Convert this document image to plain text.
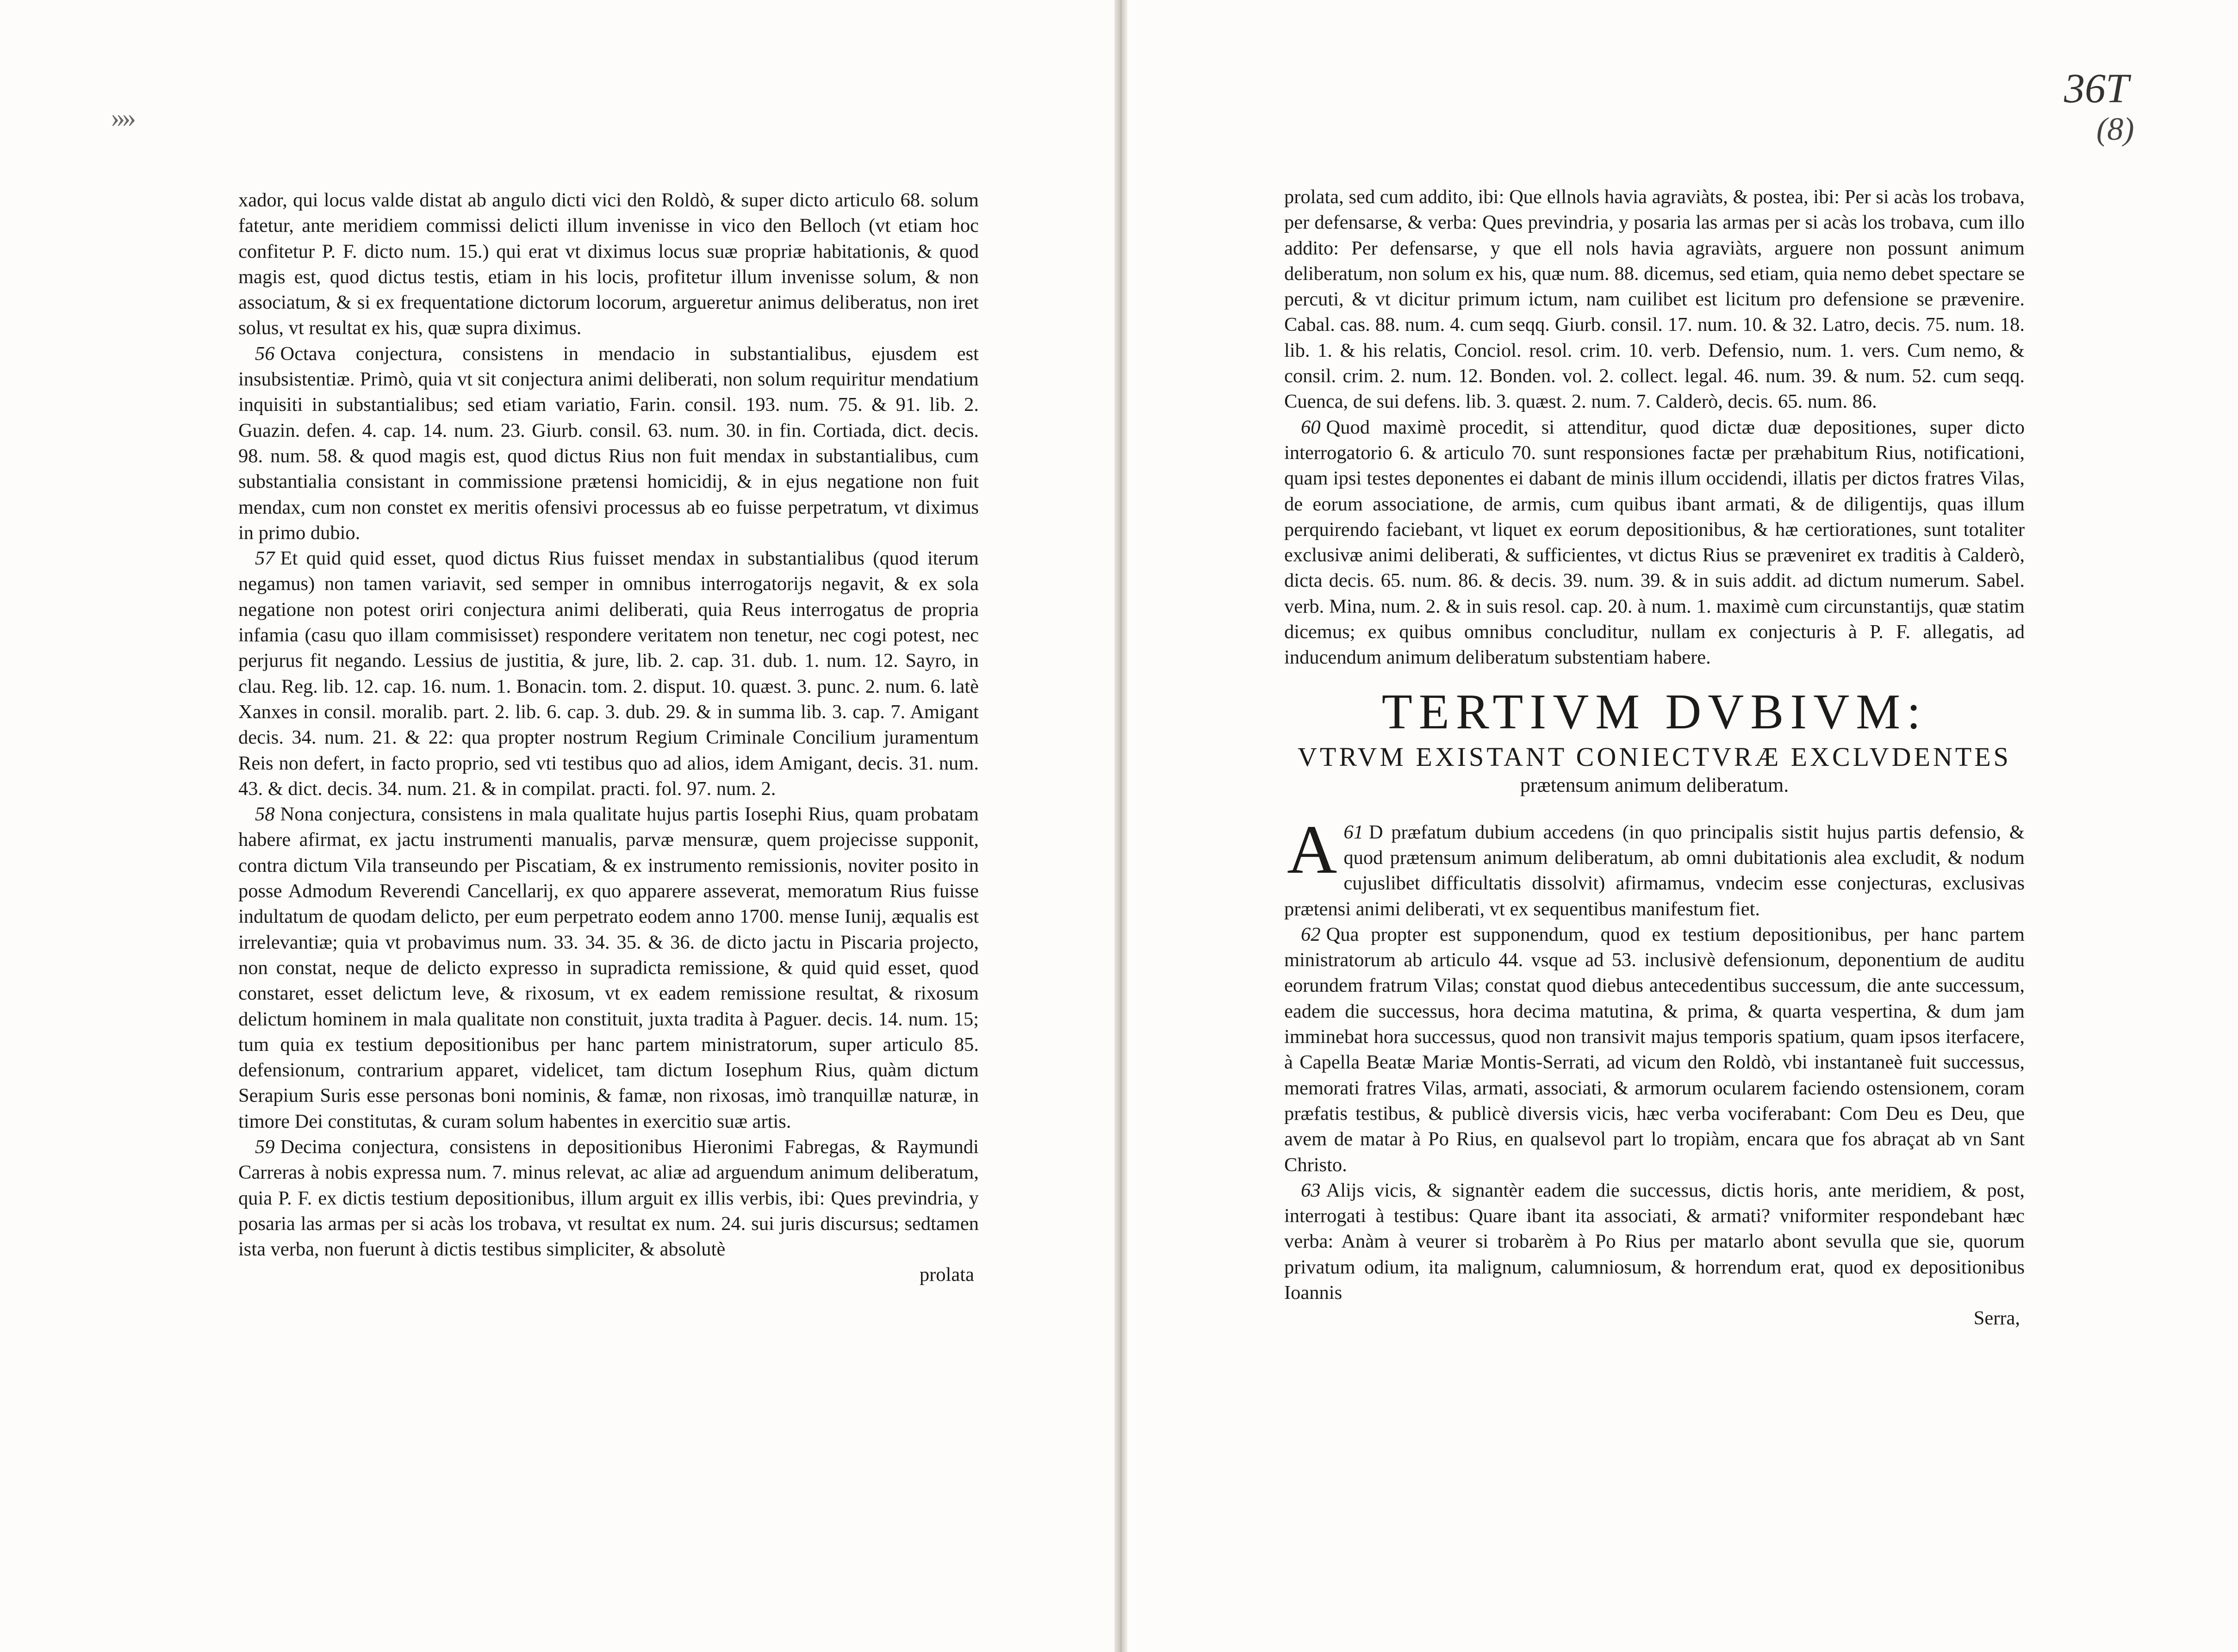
»»
36T
(8)

xador, qui locus valde distat ab angulo dicti vici den Roldò, & super dicto articulo 68. solum fatetur, ante meridiem commissi delicti illum invenisse in vico den Belloch (vt etiam hoc confitetur P. F. dicto num. 15.) qui erat vt diximus locus suæ propriæ habitationis, & quod magis est, quod dictus testis, etiam in his locis, profitetur illum invenisse solum, & non associatum, & si ex frequentatione dictorum locorum, argueretur animus deliberatus, non iret solus, vt resultat ex his, quæ supra diximus.

56 Octava conjectura, consistens in mendacio in substantialibus, ejusdem est insubsistentiæ. Primò, quia vt sit conjectura animi deliberati, non solum requiritur mendatium inquisiti in substantialibus; sed etiam variatio, Farin. consil. 193. num. 75. & 91. lib. 2. Guazin. defen. 4. cap. 14. num. 23. Giurb. consil. 63. num. 30. in fin. Cortiada, dict. decis. 98. num. 58. & quod magis est, quod dictus Rius non fuit mendax in substantialibus, cum substantialia consistant in commissione prætensi homicidij, & in ejus negatione non fuit mendax, cum non constet ex meritis ofensivi processus ab eo fuisse perpetratum, vt diximus in primo dubio.

57 Et quid quid esset, quod dictus Rius fuisset mendax in substantialibus (quod iterum negamus) non tamen variavit, sed semper in omnibus interrogatorijs negavit, & ex sola negatione non potest oriri conjectura animi deliberati, quia Reus interrogatus de propria infamia (casu quo illam commisisset) respondere veritatem non tenetur, nec cogi potest, nec perjurus fit negando. Lessius de justitia, & jure, lib. 2. cap. 31. dub. 1. num. 12. Sayro, in clau. Reg. lib. 12. cap. 16. num. 1. Bonacin. tom. 2. disput. 10. quæst. 3. punc. 2. num. 6. latè Xanxes in consil. moralib. part. 2. lib. 6. cap. 3. dub. 29. & in summa lib. 3. cap. 7. Amigant decis. 34. num. 21. & 22: qua propter nostrum Regium Criminale Concilium juramentum Reis non defert, in facto proprio, sed vti testibus quo ad alios, idem Amigant, decis. 31. num. 43. & dict. decis. 34. num. 21. & in compilat. practi. fol. 97. num. 2.

58 Nona conjectura, consistens in mala qualitate hujus partis Iosephi Rius, quam probatam habere afirmat, ex jactu instrumenti manualis, parvæ mensuræ, quem projecisse supponit, contra dictum Vila transeundo per Piscatiam, & ex instrumento remissionis, noviter posito in posse Admodum Reverendi Cancellarij, ex quo apparere asseverat, memoratum Rius fuisse indultatum de quodam delicto, per eum perpetrato eodem anno 1700. mense Iunij, æqualis est irrelevantiæ; quia vt probavimus num. 33. 34. 35. & 36. de dicto jactu in Piscaria projecto, non constat, neque de delicto expresso in supradicta remissione, & quid quid esset, quod constaret, esset delictum leve, & rixosum, vt ex eadem remissione resultat, & rixosum delictum hominem in mala qualitate non constituit, juxta tradita à Paguer. decis. 14. num. 15; tum quia ex testium depositionibus per hanc partem ministratorum, super articulo 85. defensionum, contrarium apparet, videlicet, tam dictum Iosephum Rius, quàm dictum Serapium Suris esse personas boni nominis, & famæ, non rixosas, imò tranquillæ naturæ, in timore Dei constitutas, & curam solum habentes in exercitio suæ artis.

59 Decima conjectura, consistens in depositionibus Hieronimi Fabregas, & Raymundi Carreras à nobis expressa num. 7. minus relevat, ac aliæ ad arguendum animum deliberatum, quia P. F. ex dictis testium depositionibus, illum arguit ex illis verbis, ibi: Ques previndria, y posaria las armas per si acàs los trobava, vt resultat ex num. 24. sui juris discursus; sedtamen ista verba, non fuerunt à dictis testibus simpliciter, & absolutè

prolata

prolata, sed cum addito, ibi: Que ellnols havia agraviàts, & postea, ibi: Per si acàs los trobava, per defensarse, & verba: Ques previndria, y posaria las armas per si acàs los trobava, cum illo addito: Per defensarse, y que ell nols havia agraviàts, arguere non possunt animum deliberatum, non solum ex his, quæ num. 88. dicemus, sed etiam, quia nemo debet spectare se percuti, & vt dicitur primum ictum, nam cuilibet est licitum pro defensione se prævenire. Cabal. cas. 88. num. 4. cum seqq. Giurb. consil. 17. num. 10. & 32. Latro, decis. 75. num. 18. lib. 1. & his relatis, Conciol. resol. crim. 10. verb. Defensio, num. 1. vers. Cum nemo, & consil. crim. 2. num. 12. Bonden. vol. 2. collect. legal. 46. num. 39. & num. 52. cum seqq. Cuenca, de sui defens. lib. 3. quæst. 2. num. 7. Calderò, decis. 65. num. 86.

60 Quod maximè procedit, si attenditur, quod dictæ duæ depositiones, super dicto interrogatorio 6. & articulo 70. sunt responsiones factæ per præhabitum Rius, notificationi, quam ipsi testes deponentes ei dabant de minis illum occidendi, illatis per dictos fratres Vilas, de eorum associatione, de armis, cum quibus ibant armati, & de diligentijs, quas illum perquirendo faciebant, vt liquet ex eorum depositionibus, & hæ certiorationes, sunt totaliter exclusivæ animi deliberati, & sufficientes, vt dictus Rius se præveniret ex traditis à Calderò, dicta decis. 65. num. 86. & decis. 39. num. 39. & in suis addit. ad dictum numerum. Sabel. verb. Mina, num. 2. & in suis resol. cap. 20. à num. 1. maximè cum circunstantijs, quæ statim dicemus; ex quibus omnibus concluditur, nullam ex conjecturis à P. F. allegatis, ad inducendum animum deliberatum substentiam habere.

TERTIVM DVBIVM:
VTRVM EXISTANT CONIECTVRÆ EXCLVDENTES
prætensum animum deliberatum.

61
A D præfatum dubium accedens (in quo principalis sistit hujus partis defensio, & quod prætensum animum deliberatum, ab omni dubitationis alea excludit, & nodum cujuslibet difficultatis dissolvit) afirmamus, vndecim esse conjecturas, exclusivas prætensi animi deliberati, vt ex sequentibus manifestum fiet.

62 Qua propter est supponendum, quod ex testium depositionibus, per hanc partem ministratorum ab articulo 44. vsque ad 53. inclusivè defensionum, deponentium de auditu eorundem fratrum Vilas; constat quod diebus antecedentibus successum, die ante successum, eadem die successus, hora decima matutina, & prima, & quarta vespertina, & dum jam imminebat hora successus, quod non transivit majus temporis spatium, quam ipsos iterfacere, à Capella Beatæ Mariæ Montis-Serrati, ad vicum den Roldò, vbi instantaneè fuit successus, memorati fratres Vilas, armati, associati, & armorum ocularem faciendo ostensionem, coram præfatis testibus, & publicè diversis vicis, hæc verba vociferabant: Com Deu es Deu, que avem de matar à Po Rius, en qualsevol part lo tropiàm, encara que fos abraçat ab vn Sant Christo.

63 Alijs vicis, & signantèr eadem die successus, dictis horis, ante meridiem, & post, interrogati à testibus: Quare ibant ita associati, & armati? vniformiter respondebant hæc verba: Anàm à veurer si trobarèm à Po Rius per matarlo abont sevulla que sie, quorum privatum odium, ita malignum, calumniosum, & horrendum erat, quod ex depositionibus Ioannis

Serra,
